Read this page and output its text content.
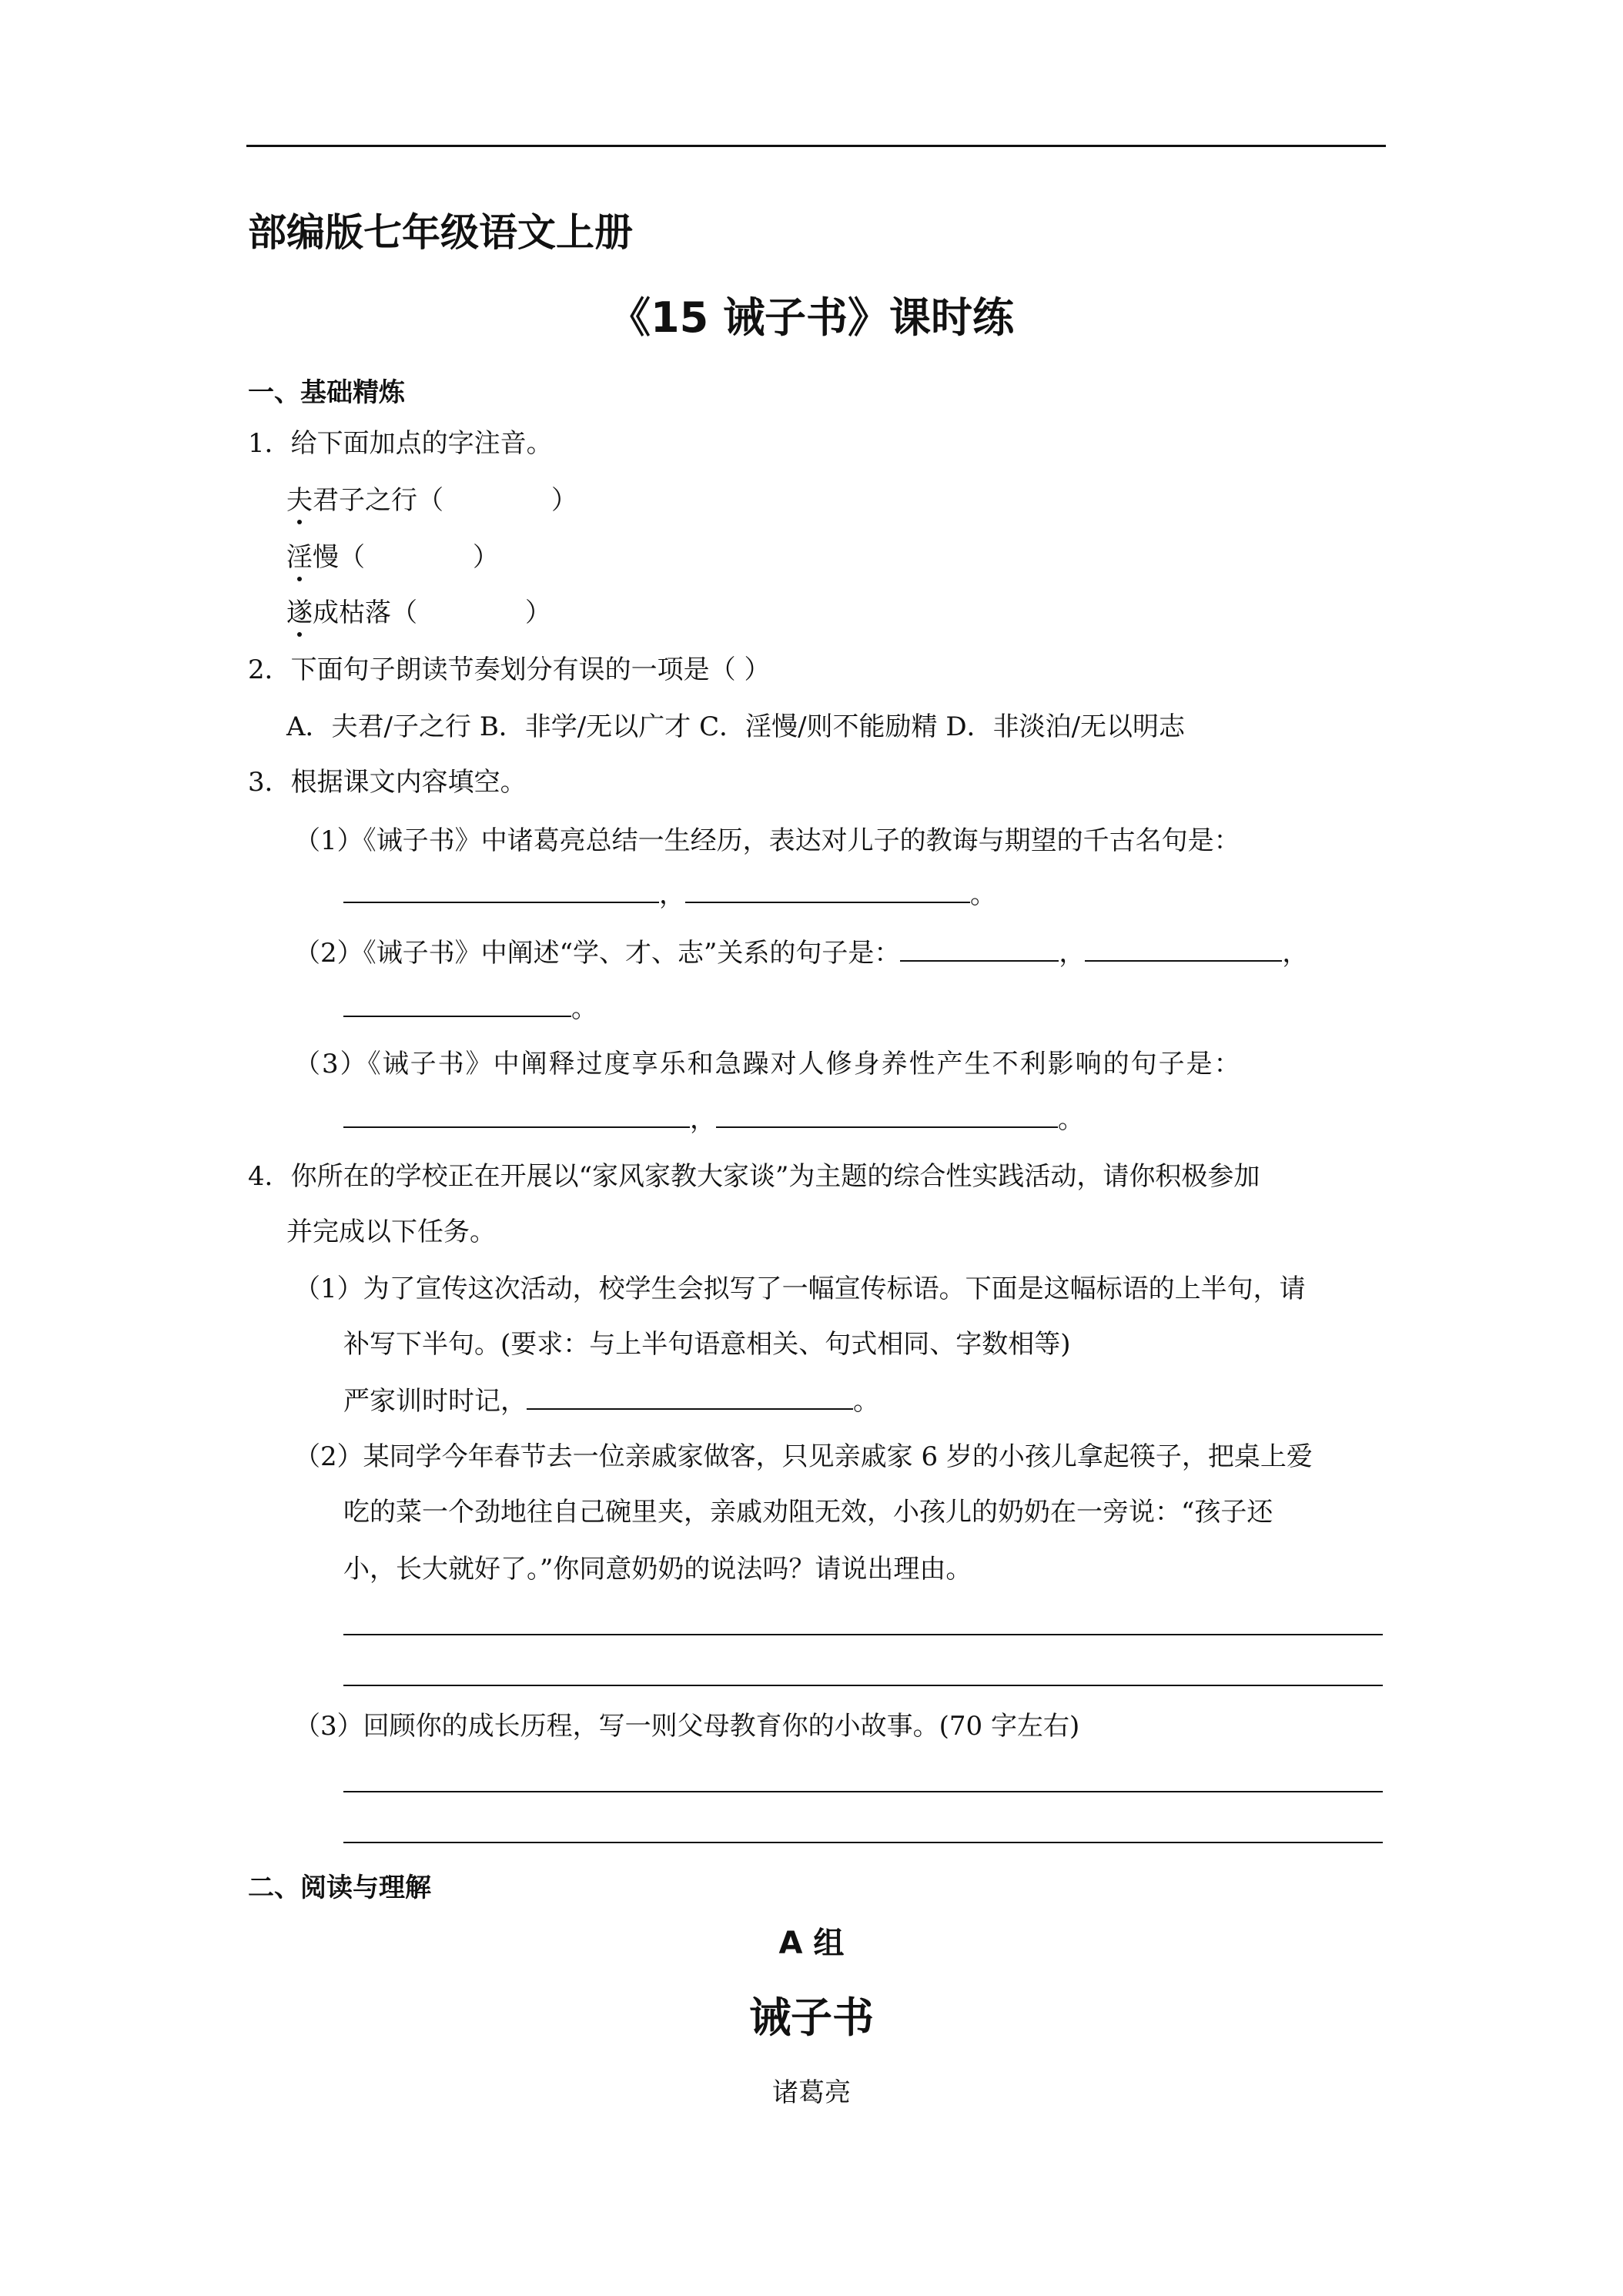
部编版七年级语文上册
《15 诫子书》课时练
一、基础精炼
1．给下面加点的字注音。
夫君子之行（	）
淫慢（	）
遂成枯落（	）
2．下面句子朗读节奏划分有误的一项是（ ）
A．夫君/子之行 B．非学/无以广才 C．淫慢/则不能励精 D．非淡泊/无以明志
3．根据课文内容填空。
（1）《诫子书》中诸葛亮总结一生经历，表达对儿子的教诲与期望的千古名句是：
，	。
（2）《诫子书》中阐述“学、才、志”关系的句子是：	，	，
。
（3）《诫子书》中阐释过度享乐和急躁对人修身养性产生不利影响的句子是：
，	。
4．你所在的学校正在开展以“家风家教大家谈”为主题的综合性实践活动，请你积极参加
并完成以下任务。
（1）为了宣传这次活动，校学生会拟写了一幅宣传标语。下面是这幅标语的上半句，请
补写下半句。(要求：与上半句语意相关、句式相同、字数相等)
严家训时时记，	。
（2）某同学今年春节去一位亲戚家做客，只见亲戚家 6 岁的小孩儿拿起筷子，把桌上爱
吃的菜一个劲地往自己碗里夹，亲戚劝阻无效，小孩儿的奶奶在一旁说：“孩子还
小，长大就好了。”你同意奶奶的说法吗？请说出理由。
（3）回顾你的成长历程，写一则父母教育你的小故事。(70 字左右)
二、阅读与理解
A 组
诫子书
诸葛亮
